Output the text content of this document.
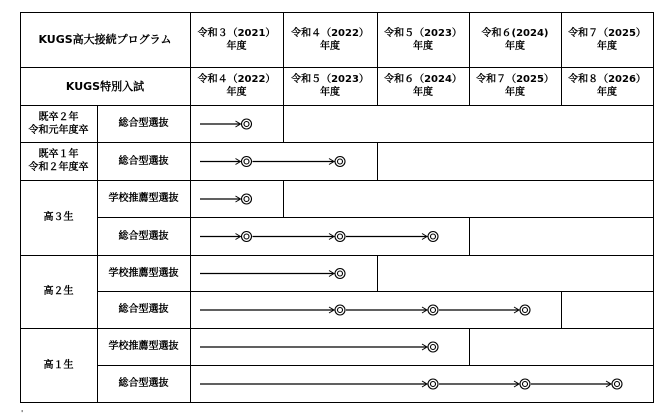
KUGS高大接続プログラム
KUGS特別入試
令和３（2021）
年度
令和４（2022）
年度
令和４（2022）
年度
令和５（2023）
年度
令和５（2023）
年度
令和６（2024）
年度
令和６(2024)
年度
令和７（2025）
年度
令和７（2025）
年度
令和８（2026）
年度
既卒２年
令和元年度卒
既卒１年
令和２年度卒
高３生
高２生
高１生
総合型選抜
総合型選抜
学校推薦型選抜
総合型選抜
学校推薦型選抜
総合型選抜
学校推薦型選抜
総合型選抜
'
